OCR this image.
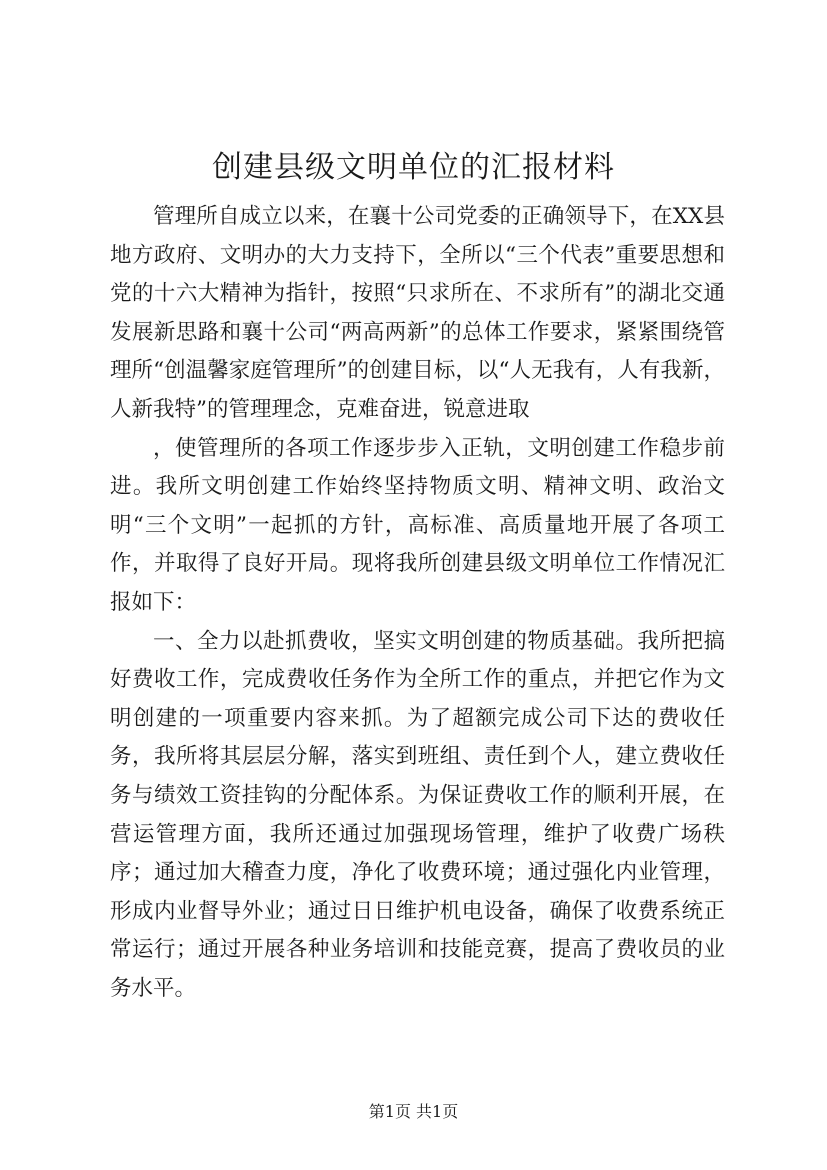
创建县级文明单位的汇报材料

管理所自成立以来，在襄十公司党委的正确领导下，在XX县地方政府、文明办的大力支持下，全所以“三个代表”重要思想和党的十六大精神为指针，按照“只求所在、不求所有”的湖北交通发展新思路和襄十公司“两高两新”的总体工作要求，紧紧围绕管理所“创温馨家庭管理所”的创建目标，以“人无我有，人有我新，人新我特”的管理理念，克难奋进，锐意进取

，使管理所的各项工作逐步步入正轨，文明创建工作稳步前进。我所文明创建工作始终坚持物质文明、精神文明、政治文明“三个文明”一起抓的方针，高标准、高质量地开展了各项工作，并取得了良好开局。现将我所创建县级文明单位工作情况汇报如下：

一、全力以赴抓费收，坚实文明创建的物质基础。我所把搞好费收工作，完成费收任务作为全所工作的重点，并把它作为文明创建的一项重要内容来抓。为了超额完成公司下达的费收任务，我所将其层层分解，落实到班组、责任到个人，建立费收任务与绩效工资挂钩的分配体系。为保证费收工作的顺利开展，在营运管理方面，我所还通过加强现场管理，维护了收费广场秩序；通过加大稽查力度，净化了收费环境；通过强化内业管理，形成内业督导外业；通过日日维护机电设备，确保了收费系统正常运行；通过开展各种业务培训和技能竞赛，提高了费收员的业务水平。

第1页 共1页
